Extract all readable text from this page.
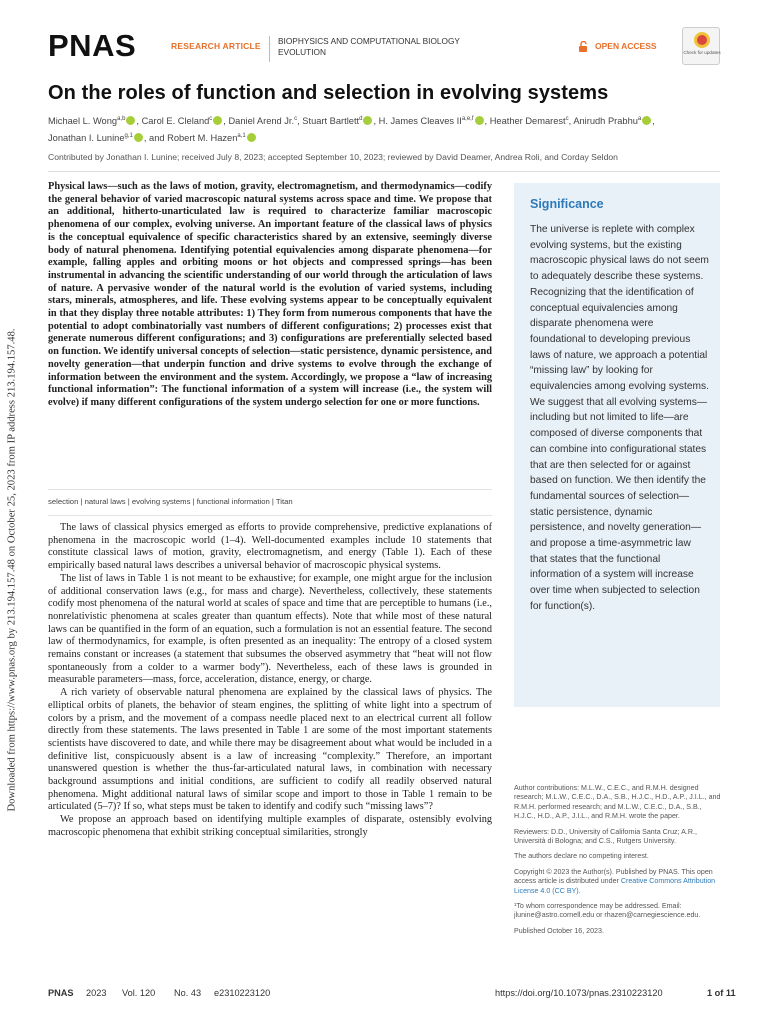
Downloaded from https://www.pnas.org by 213.194.157.48 on October 25, 2023 from IP address 213.194.157.48.
PNAS	RESEARCH ARTICLE BIOPHYSICS AND COMPUTATIONAL BIOLOGY
EVOLUTION
OPEN ACCESS
Check for updates
On the roles of function and selection in evolving systems
Michael L. Wong$^{a,b}$ , Carol E. Cleland$^c$ , Daniel Arend Jr.$^c$, Stuart Bartlett$^d$ , H. James Cleaves II$^{a,e,f}$ , Heather Demarest$^c$, Anirudh Prabhu$^a$ ,
Jonathan I. Lunine$^{g,1}$ , and Robert M. Hazen$^{a,1}$
Contributed by Jonathan I. Lunine; received July 8, 2023; accepted September 10, 2023; reviewed by David Deamer, Andrea Roli, and Corday Seldon
Physical laws—such as the laws of motion, gravity, electromagnetism, and thermodynamics—codify the general behavior of varied macroscopic natural systems across space and time. We propose that an additional, hitherto-unarticulated law is required to characterize familiar macroscopic phenomena of our complex, evolving universe. An important feature of the classical laws of physics is the conceptual equivalence of specific characteristics shared by an extensive, seemingly diverse body of natural phenomena. Identifying potential equivalencies among disparate phenomena—for example, falling apples and orbiting moons or hot objects and compressed springs—has been instrumental in advancing the scientific understanding of our world through the articulation of laws of nature. A pervasive wonder of the natural world is the evolution of varied systems, including stars, minerals, atmospheres, and life. These evolving systems appear to be conceptually equivalent in that they display three notable attributes: 1) They form from numerous components that have the potential to adopt combinatorially vast numbers of different configurations; 2) processes exist that generate numerous different configurations; and 3) configurations are preferentially selected based on function. We identify universal concepts of selection—static persistence, dynamic persistence, and novelty generation—that underpin function and drive systems to evolve through the exchange of information between the environment and the system. Accordingly, we propose a “law of increasing functional information”: The functional information of a system will increase (i.e., the system will evolve) if many different configurations of the system undergo selection for one or more functions.
selection | natural laws | evolving systems | functional information | Titan

The laws of classical physics emerged as efforts to provide comprehensive, predictive explanations of phenomena in the macroscopic world (1–4). Well-documented examples include 10 statements that constitute classical laws of motion, gravity, electromagnetism, and energy (Table 1). Each of these empirically based natural laws describes a universal behavior of macroscopic physical systems.

The list of laws in Table 1 is not meant to be exhaustive; for example, one might argue for the inclusion of additional conservation laws (e.g., for mass and charge). Nevertheless, collectively, these statements codify most phenomena of the natural world at scales of space and time that are perceptible to humans (i.e., nonrelativistic phenomena at scales greater than quantum effects). Note that while most of these natural laws can be quantified in the form of an equation, such a formulation is not an essential feature. The second law of thermodynamics, for example, is often presented as an inequality: The entropy of a closed system remains constant or increases (a statement that subsumes the observed asymmetry that “heat will not flow spontaneously from a colder to a warmer body”). Nevertheless, each of these laws is grounded in measurable parameters—mass, force, acceleration, distance, energy, or charge.

A rich variety of observable natural phenomena are explained by the classical laws of physics. The elliptical orbits of planets, the behavior of steam engines, the splitting of white light into a spectrum of colors by a prism, and the movement of a compass needle placed next to an electrical current all follow directly from these statements. The laws presented in Table 1 are some of the most important statements scientists have discovered to date, and while there may be disagreement about what would be included in a definitive list, conspicuously absent is a law of increasing “complexity.” Therefore, an important unanswered question is whether the thus-far-articulated natural laws, in combination with necessary background assumptions and initial conditions, are sufficient to codify all readily observed natural phenomena. Might additional natural laws of similar scope and import to those in Table 1 remain to be articulated (5–7)? If so, what steps must be taken to identify and codify such “missing laws”?

We propose an approach based on identifying multiple examples of disparate, ostensibly evolving macroscopic phenomena that exhibit striking conceptual similarities, strongly

Significance
The universe is replete with complex evolving systems, but the existing macroscopic physical laws do not seem to adequately describe these systems. Recognizing that the identification of conceptual equivalencies among disparate phenomena were foundational to developing previous laws of nature, we approach a potential “missing law” by looking for equivalencies among evolving systems. We suggest that all evolving systems—including but not limited to life—are composed of diverse components that can combine into configurational states that are then selected for or against based on function. We then identify the fundamental sources of selection—static persistence, dynamic persistence, and novelty generation—and propose a time-asymmetric law that states that the functional information of a system will increase over time when subjected to selection for function(s).

Author contributions: M.L.W., C.E.C., and R.M.H. designed research; M.L.W., C.E.C., D.A., S.B., H.J.C., H.D., A.P., J.I.L., and R.M.H. performed research; and M.L.W., C.E.C., D.A., S.B., H.J.C., H.D., A.P., J.I.L., and R.M.H. wrote the paper.

Reviewers: D.D., University of California Santa Cruz; A.R., Università di Bologna; and C.S., Rutgers University.

The authors declare no competing interest.

Copyright © 2023 the Author(s). Published by PNAS. This open access article is distributed under Creative Commons Attribution License 4.0 (CC BY).

¹To whom correspondence may be addressed. Email: jlunine@astro.cornell.edu or rhazen@carnegiescience.edu.

Published October 16, 2023.

PNAS 2023 Vol. 120 No. 43 e2310223120	https://doi.org/10.1073/pnas.2310223120	1 of 11
